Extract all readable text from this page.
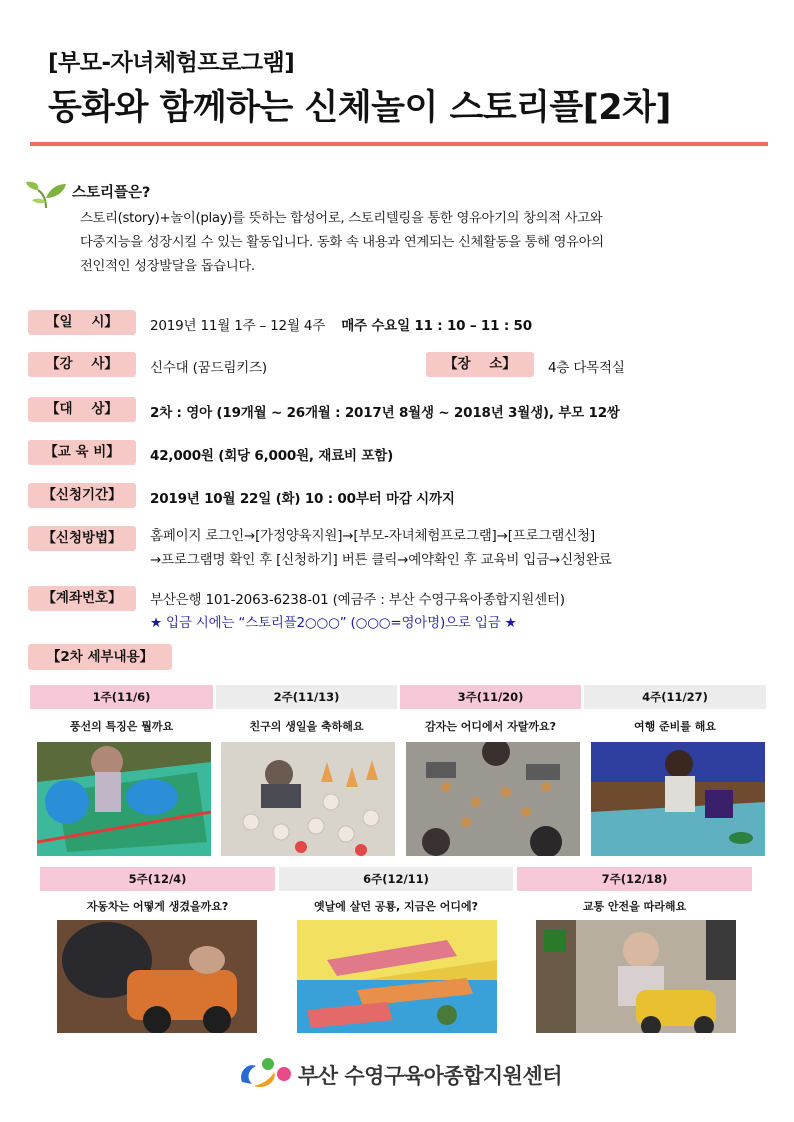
[부모-자녀체험프로그램]
동화와 함께하는 신체놀이 스토리플[2차]
스토리플은?
스토리(story)+놀이(play)를 뜻하는 합성어로, 스토리텔링을 통한 영유아기의 창의적 사고와
다중지능을 성장시킬 수 있는 활동입니다. 동화 속 내용과 연계되는 신체활동을 통해 영유아의
전인적인 성장발달을 돕습니다.
【일    시】	2019년 11월 1주 – 12월 4주 매주 수요일 11 : 10 – 11 : 50
【강    사】	신수대 (꿈드림키즈)	【장    소】	4층 다목적실
【대    상】	2차 : 영아 (19개월 ~ 26개월 : 2017년 8월생 ~ 2018년 3월생), 부모 12쌍
【교 육 비】	42,000원 (회당 6,000원, 재료비 포함)
【신청기간】	2019년 10월 22일 (화) 10 : 00부터 마감 시까지
【신청방법】	홈페이지 로그인→[가정양육지원]→[부모-자녀체험프로그램]→[프로그램신청]
→프로그램명 확인 후 [신청하기] 버튼 클릭→예약확인 후 교육비 입금→신청완료
【계좌번호】	부산은행 101-2063-6238-01 (예금주 : 부산 수영구육아종합지원센터)
★ 입금 시에는 “스토리플2○○○” (○○○=영아명)으로 입금 ★
【2차 세부내용】
1주(11/6)	2주(11/13)	3주(11/20)	4주(11/27)
풍선의 특징은 뭘까요	친구의 생일을 축하해요	감자는 어디에서 자랄까요?	여행 준비를 해요
5주(12/4)	6주(12/11)	7주(12/18)
자동차는 어떻게 생겼을까요?	옛날에 살던 공룡, 지금은 어디에?	교통 안전을 따라해요
부산 수영구육아종합지원센터
